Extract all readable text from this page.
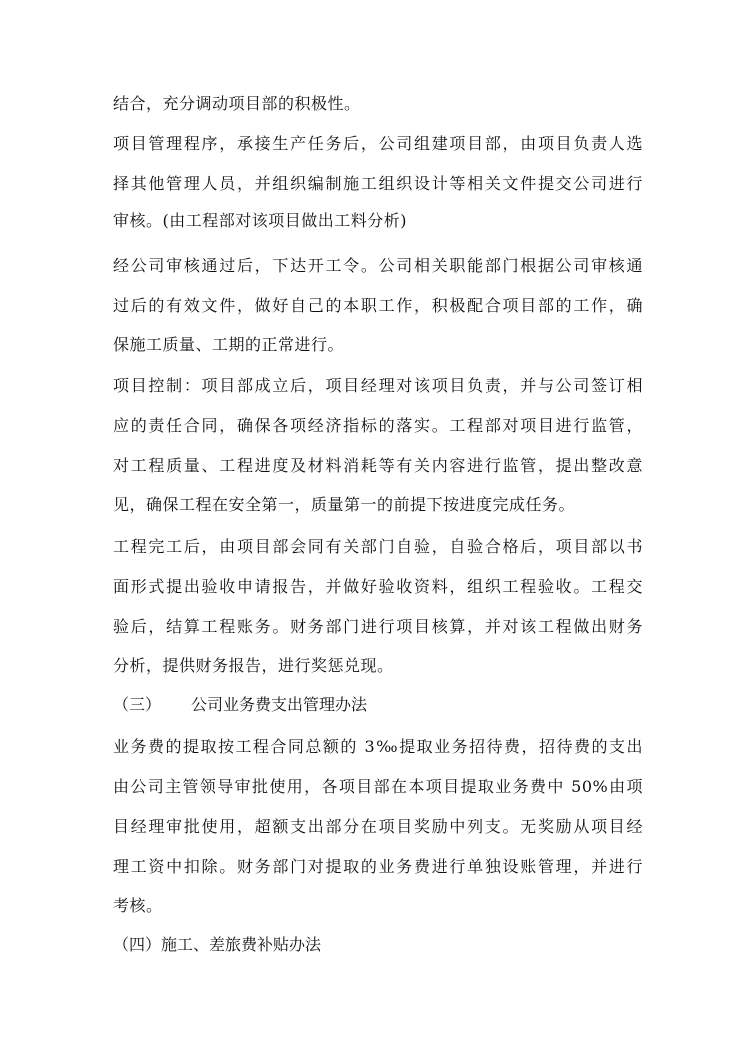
结合，充分调动项目部的积极性。
项目管理程序，承接生产任务后，公司组建项目部，由项目负责人选
择其他管理人员，并组织编制施工组织设计等相关文件提交公司进行
审核。(由工程部对该项目做出工料分析)
经公司审核通过后，下达开工令。公司相关职能部门根据公司审核通
过后的有效文件，做好自己的本职工作，积极配合项目部的工作，确
保施工质量、工期的正常进行。
项目控制：项目部成立后，项目经理对该项目负责，并与公司签订相
应的责任合同，确保各项经济指标的落实。工程部对项目进行监管，
对工程质量、工程进度及材料消耗等有关内容进行监管，提出整改意
见，确保工程在安全第一，质量第一的前提下按进度完成任务。
工程完工后，由项目部会同有关部门自验，自验合格后，项目部以书
面形式提出验收申请报告，并做好验收资料，组织工程验收。工程交
验后，结算工程账务。财务部门进行项目核算，并对该工程做出财务
分析，提供财务报告，进行奖惩兑现。
（三） 公司业务费支出管理办法
业务费的提取按工程合同总额的 3‰提取业务招待费，招待费的支出
由公司主管领导审批使用，各项目部在本项目提取业务费中 50%由项
目经理审批使用，超额支出部分在项目奖励中列支。无奖励从项目经
理工资中扣除。财务部门对提取的业务费进行单独设账管理，并进行
考核。
（四）施工、差旅费补贴办法
